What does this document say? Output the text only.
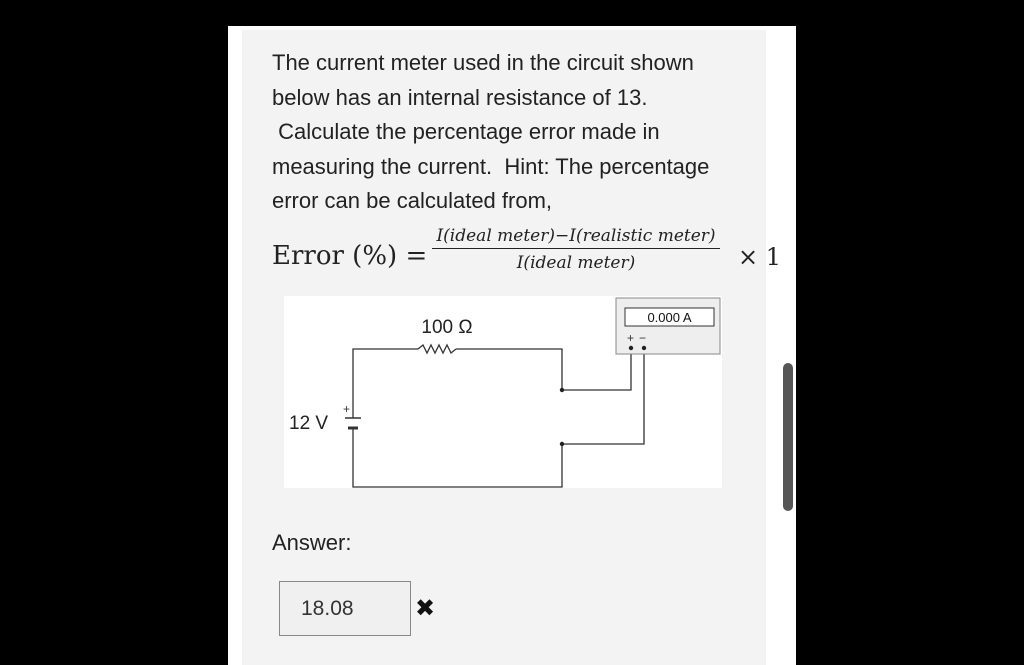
The current meter used in the circuit shown

below has an internal resistance of 13.

Calculate the percentage error made in

measuring the current.  Hint: The percentage

error can be calculated from,

Error (%) =
I(ideal meter)−I(realistic meter)
I(ideal meter)	× 1
+
0.000 A
+ −
100 Ω
12 V
Answer:
18.08
✖
